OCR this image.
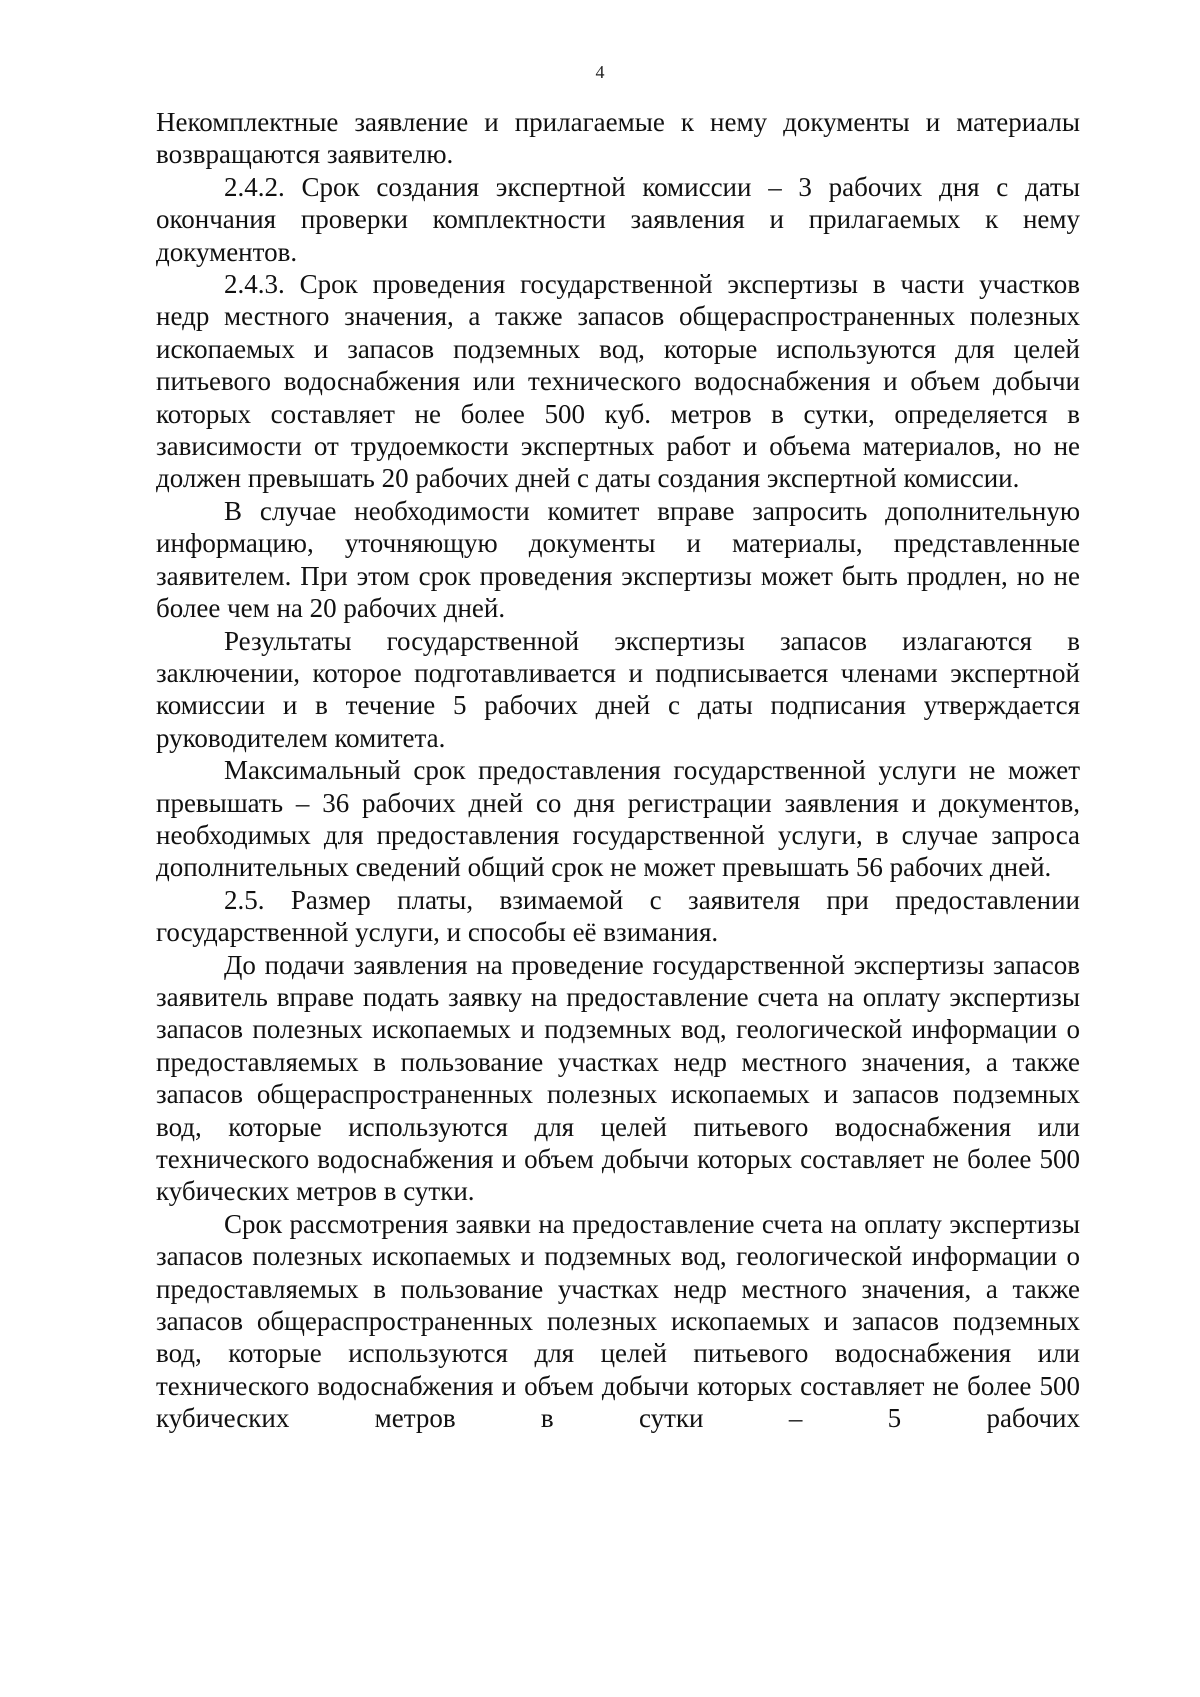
4

Некомплектные заявление и прилагаемые к нему документы и материалы возвращаются заявителю.

2.4.2. Срок создания экспертной комиссии – 3 рабочих дня с даты окончания проверки комплектности заявления и прилагаемых к нему документов.

2.4.3. Срок проведения государственной экспертизы в части участков недр местного значения, а также запасов общераспространенных полезных ископаемых и запасов подземных вод, которые используются для целей питьевого водоснабжения или технического водоснабжения и объем добычи которых составляет не более 500 куб. метров в сутки, определяется в зависимости от трудоемкости экспертных работ и объема материалов, но не должен превышать 20 рабочих дней с даты создания экспертной комиссии.

В случае необходимости комитет вправе запросить дополнительную информацию, уточняющую документы и материалы, представленные заявителем. При этом срок проведения экспертизы может быть продлен, но не более чем на 20 рабочих дней.

Результаты государственной экспертизы запасов излагаются в заключении, которое подготавливается и подписывается членами экспертной комиссии и в течение 5 рабочих дней с даты подписания утверждается руководителем комитета.

Максимальный срок предоставления государственной услуги не может превышать – 36 рабочих дней со дня регистрации заявления и документов, необходимых для предоставления государственной услуги, в случае запроса дополнительных сведений общий срок не может превышать 56 рабочих дней.

2.5. Размер платы, взимаемой с заявителя при предоставлении государственной услуги, и способы её взимания.

До подачи заявления на проведение государственной экспертизы запасов заявитель вправе подать заявку на предоставление счета на оплату экспертизы запасов полезных ископаемых и подземных вод, геологической информации о предоставляемых в пользование участках недр местного значения, а также запасов общераспространенных полезных ископаемых и запасов подземных вод, которые используются для целей питьевого водоснабжения или технического водоснабжения и объем добычи которых составляет не более 500 кубических метров в сутки.

Срок рассмотрения заявки на предоставление счета на оплату экспертизы запасов полезных ископаемых и подземных вод, геологической информации о предоставляемых в пользование участках недр местного значения, а также запасов общераспространенных полезных ископаемых и запасов подземных вод, которые используются для целей питьевого водоснабжения или технического водоснабжения и объем добычи которых составляет не более 500 кубических метров в сутки – 5 рабочих
